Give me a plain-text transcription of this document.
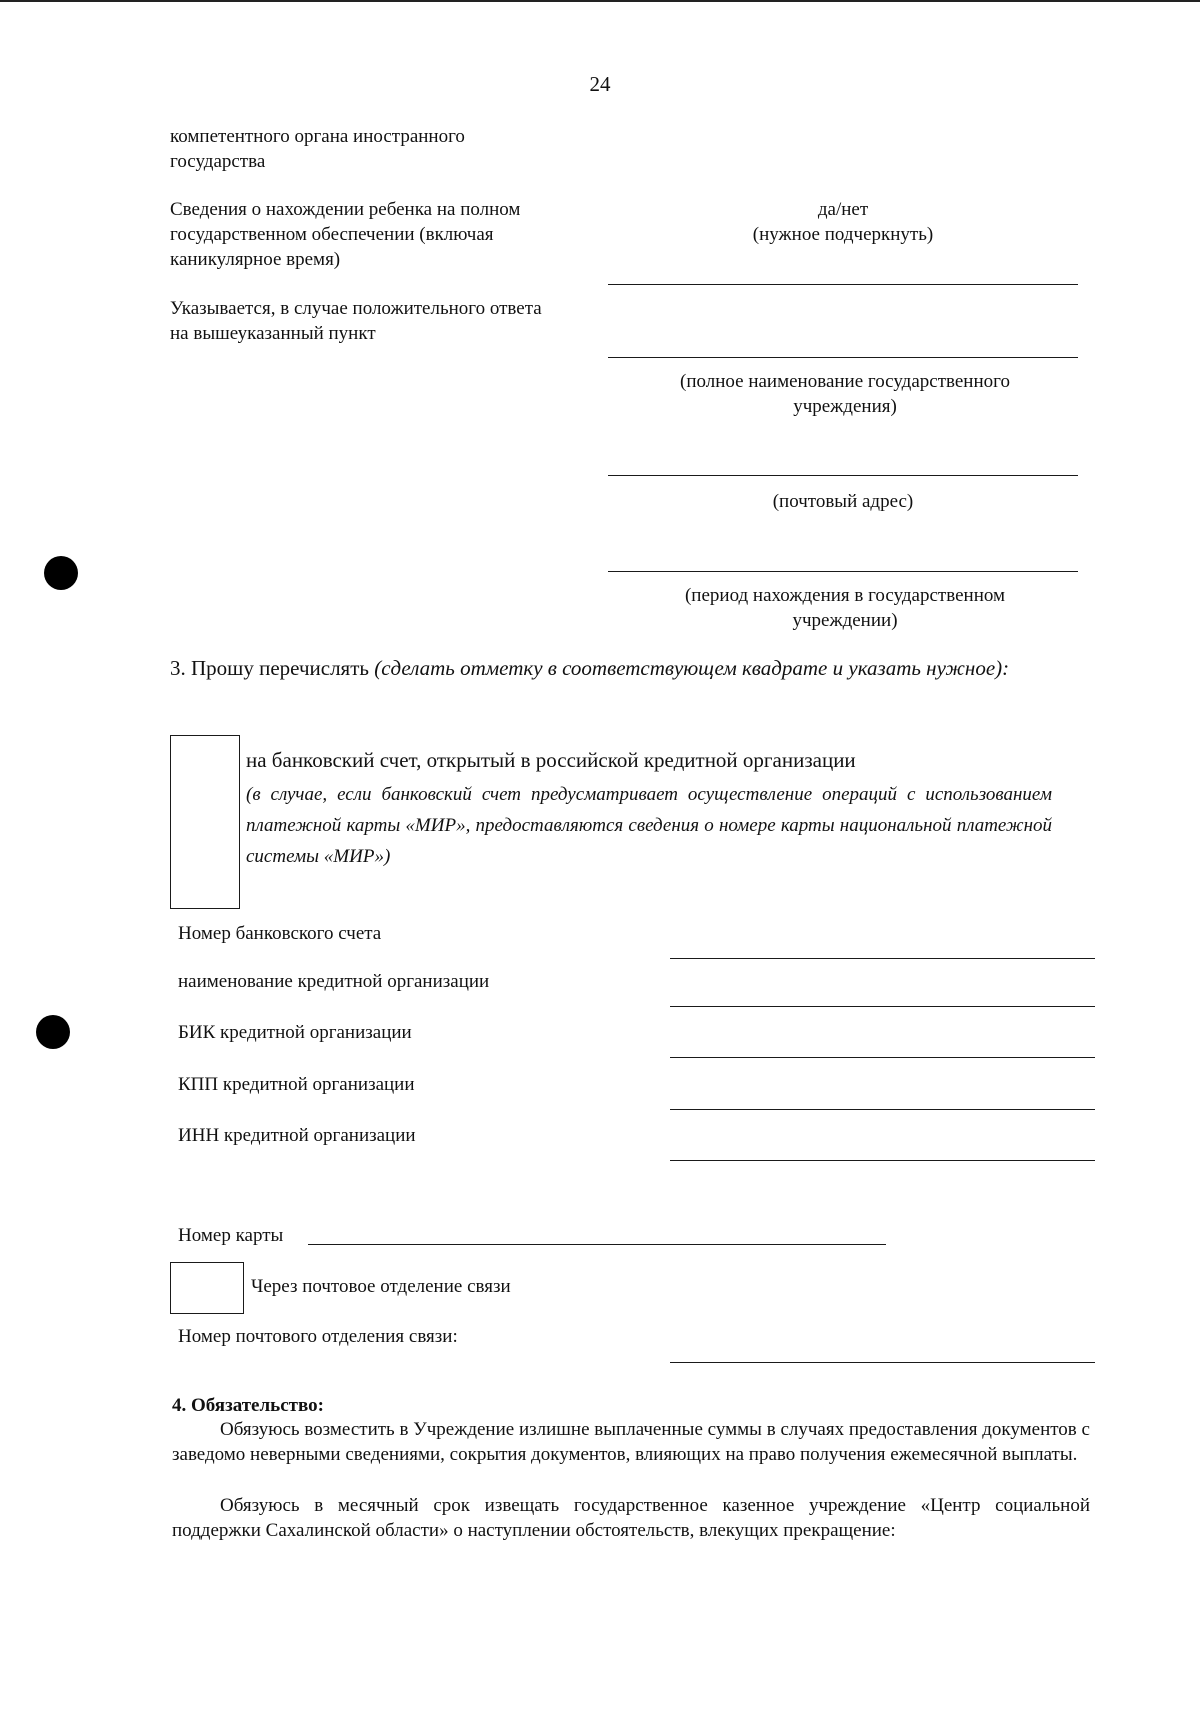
24
компетентного органа иностранного государства
Сведения о нахождении ребенка на полном государственном обеспечении (включая каникулярное время)
Указывается, в случае положительного ответа на вышеуказанный пункт
да/нет
(нужное подчеркнуть)
(полное наименование государственного учреждения)
(почтовый адрес)
(период нахождения в государственном учреждении)
3. Прошу перечислять (сделать отметку в соответствующем квадрате и указать нужное):
на банковский счет, открытый в российской кредитной организации
(в случае, если банковский счет предусматривает осуществление операций с использованием платежной карты «МИР», предоставляются сведения о номере карты национальной платежной системы «МИР»)
Номер банковского счета
наименование кредитной организации
БИК кредитной организации
КПП кредитной организации
ИНН кредитной организации
Номер карты
Через почтовое отделение связи
Номер почтового отделения связи:
4. Обязательство:
Обязуюсь возместить в Учреждение излишне выплаченные суммы в случаях предоставления документов с заведомо неверными сведениями, сокрытия документов, влияющих на право получения ежемесячной выплаты.
Обязуюсь в месячный срок извещать государственное казенное учреждение «Центр социальной поддержки Сахалинской области» о наступлении обстоятельств, влекущих прекращение:
